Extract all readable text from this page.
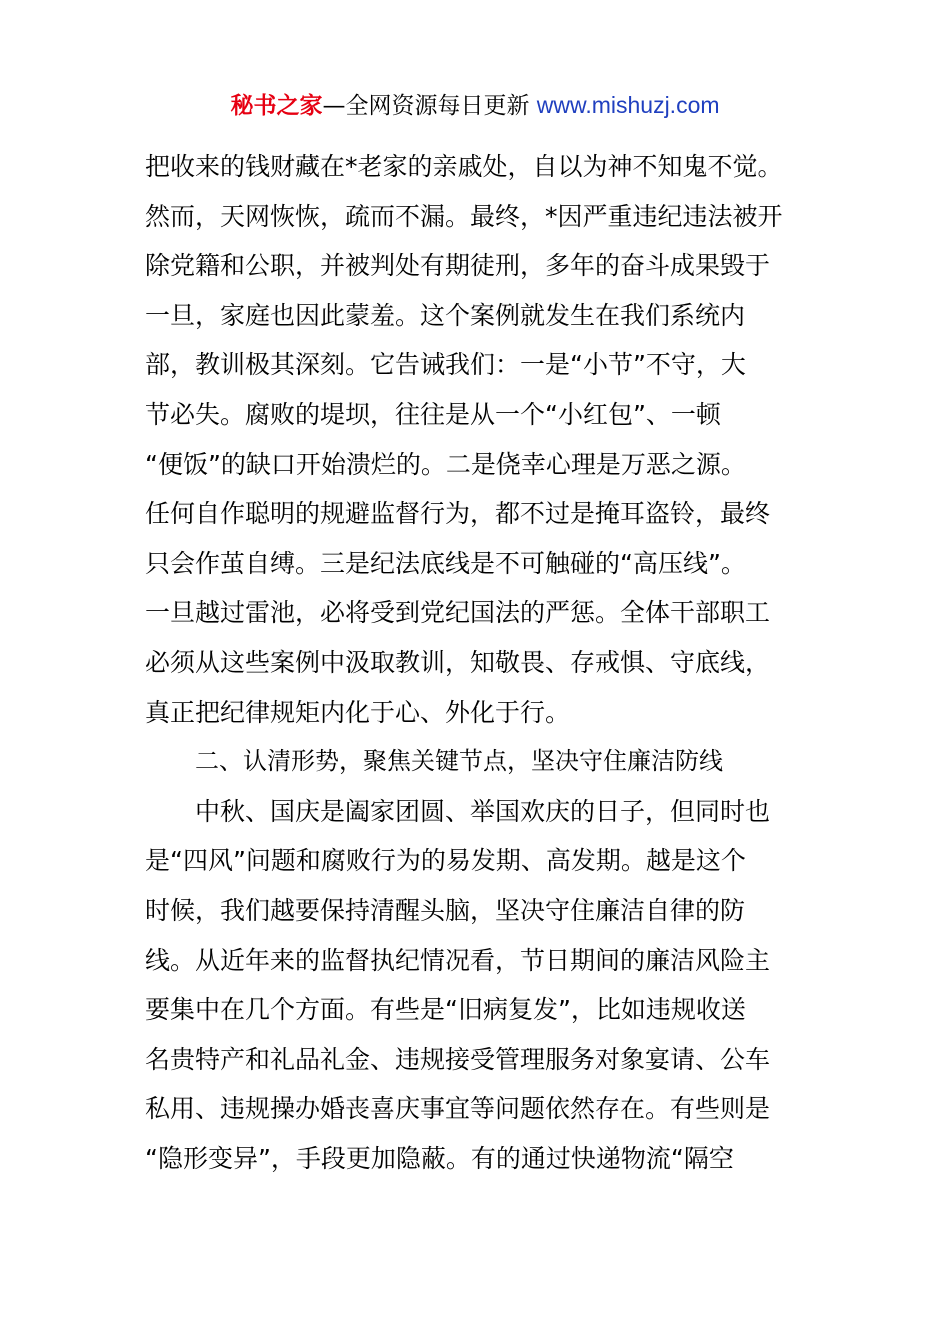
秘书之家—全网资源每日更新 www.mishuzj.com
把收来的钱财藏在*老家的亲戚处，自以为神不知鬼不觉。
然而，天网恢恢，疏而不漏。最终，*因严重违纪违法被开
除党籍和公职，并被判处有期徒刑，多年的奋斗成果毁于
一旦，家庭也因此蒙羞。这个案例就发生在我们系统内
部，教训极其深刻。它告诫我们：一是“小节”不守，大
节必失。腐败的堤坝，往往是从一个“小红包”、一顿
“便饭”的缺口开始溃烂的。二是侥幸心理是万恶之源。
任何自作聪明的规避监督行为，都不过是掩耳盗铃，最终
只会作茧自缚。三是纪法底线是不可触碰的“高压线”。
一旦越过雷池，必将受到党纪国法的严惩。全体干部职工
必须从这些案例中汲取教训，知敬畏、存戒惧、守底线，
真正把纪律规矩内化于心、外化于行。
二、认清形势，聚焦关键节点，坚决守住廉洁防线
中秋、国庆是阖家团圆、举国欢庆的日子，但同时也
是“四风”问题和腐败行为的易发期、高发期。越是这个
时候，我们越要保持清醒头脑，坚决守住廉洁自律的防
线。从近年来的监督执纪情况看，节日期间的廉洁风险主
要集中在几个方面。有些是“旧病复发”，比如违规收送
名贵特产和礼品礼金、违规接受管理服务对象宴请、公车
私用、违规操办婚丧喜庆事宜等问题依然存在。有些则是
“隐形变异”，手段更加隐蔽。有的通过快递物流“隔空
